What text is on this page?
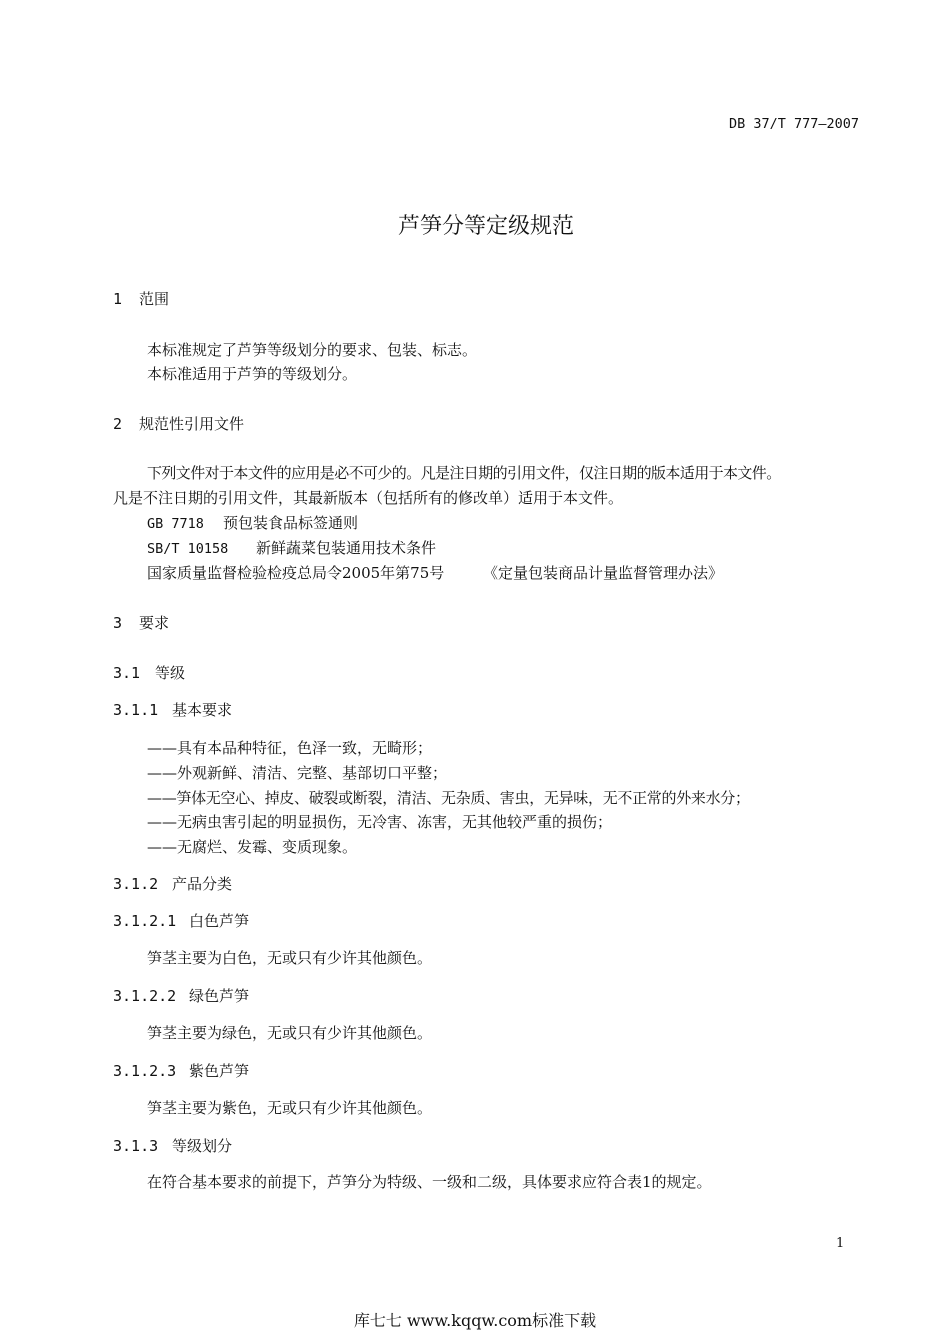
DB 37/T 777—2007
芦笋分等定级规范
1 范围
本标准规定了芦笋等级划分的要求、包装、标志。
本标准适用于芦笋的等级划分。
2 规范性引用文件
下列文件对于本文件的应用是必不可少的。凡是注日期的引用文件，仅注日期的版本适用于本文件。
凡是不注日期的引用文件，其最新版本（包括所有的修改单）适用于本文件。
GB 7718 预包装食品标签通则
SB/T 10158 新鲜蔬菜包装通用技术条件
国家质量监督检验检疫总局令2005年第75号	《定量包装商品计量监督管理办法》
3 要求
3.1 等级
3.1.1 基本要求
——具有本品种特征，色泽一致，无畸形；
——外观新鲜、清洁、完整、基部切口平整；
——笋体无空心、掉皮、破裂或断裂，清洁、无杂质、害虫，无异味，无不正常的外来水分；
——无病虫害引起的明显损伤，无冷害、冻害，无其他较严重的损伤；
——无腐烂、发霉、变质现象。
3.1.2 产品分类
3.1.2.1 白色芦笋
笋茎主要为白色，无或只有少许其他颜色。
3.1.2.2 绿色芦笋
笋茎主要为绿色，无或只有少许其他颜色。
3.1.2.3 紫色芦笋
笋茎主要为紫色，无或只有少许其他颜色。
3.1.3 等级划分
在符合基本要求的前提下，芦笋分为特级、一级和二级，具体要求应符合表1的规定。
1
库七七 www.kqqw.com标准下载
